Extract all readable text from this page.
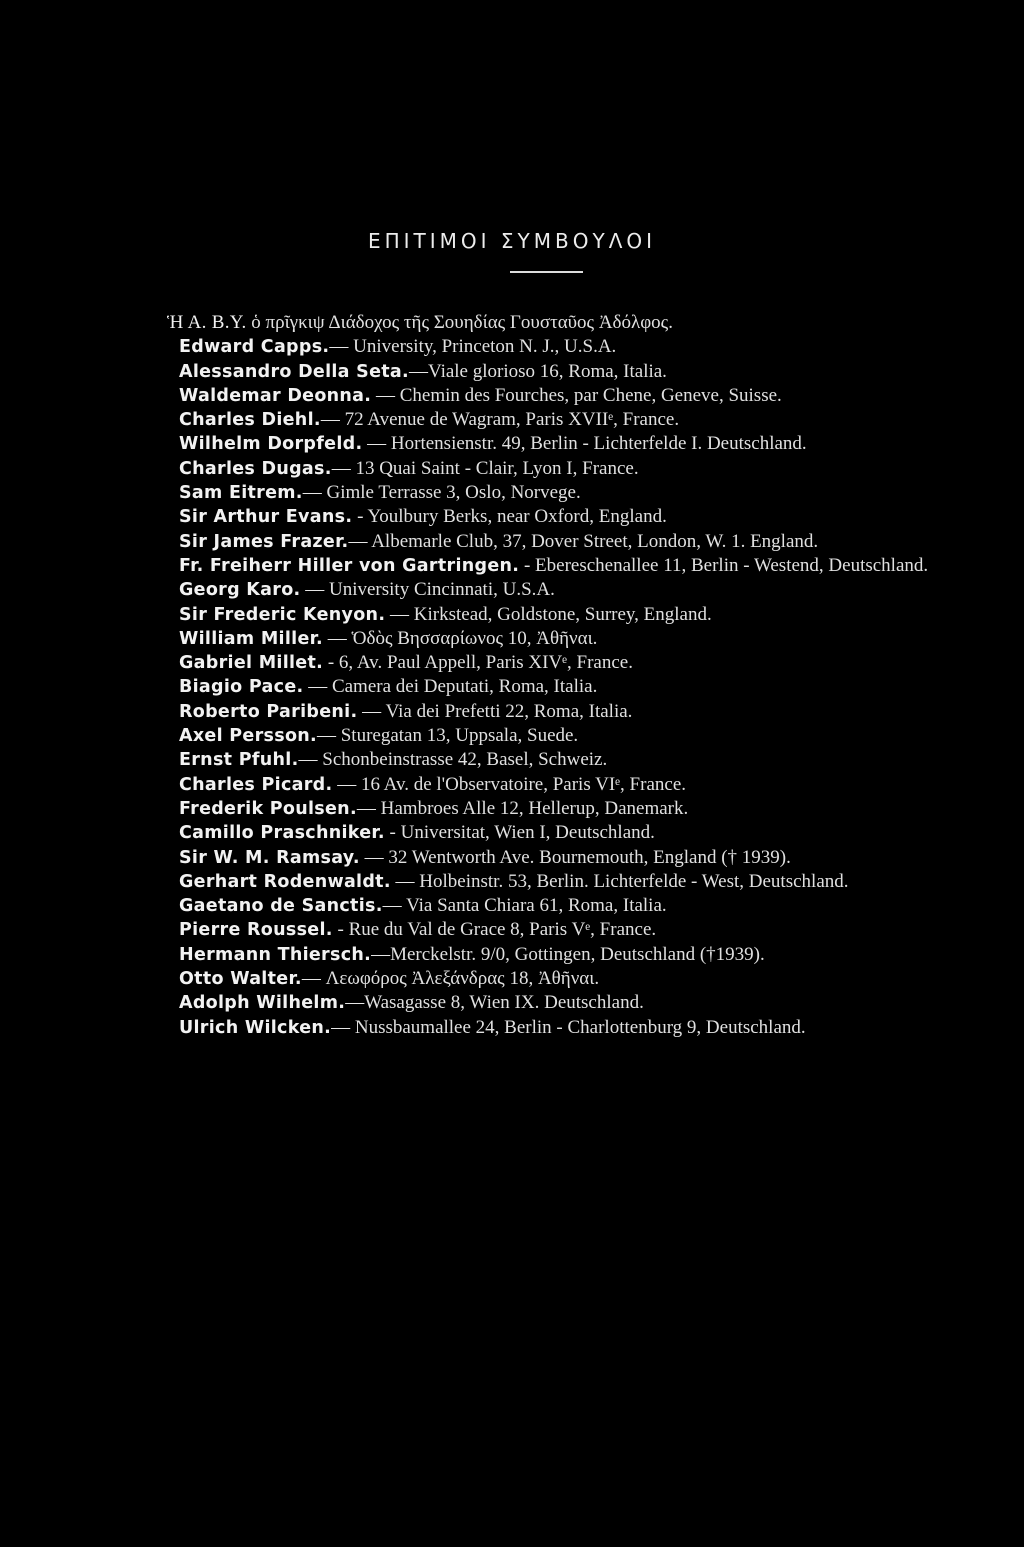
ΕΠΙΤΙΜΟΙ ΣΥΜΒΟΥΛΟΙ

Ἡ Α. Β.Υ. ὁ πρῖγκιψ Διάδοχος τῆς Σουηδίας Γουσταῦος Ἀδόλφος.

Edward Capps.— University, Princeton N. J., U.S.A.

Alessandro Della Seta.—Viale glorioso 16, Roma, Italia.

Waldemar Deonna. — Chemin des Fourches, par Chene, Geneve, Suisse.

Charles Diehl.— 72 Avenue de Wagram, Paris XVIIᵉ, France.

Wilhelm Dorpfeld. — Hortensienstr. 49, Berlin - Lichterfelde I. Deutschland.

Charles Dugas.— 13 Quai Saint - Clair, Lyon I, France.

Sam Eitrem.— Gimle Terrasse 3, Oslo, Norvege.

Sir Arthur Evans. - Youlbury Berks, near Oxford, England.

Sir James Frazer.— Albemarle Club, 37, Dover Street, London, W. 1. England.

Fr. Freiherr Hiller von Gartringen. - Ebereschenallee 11, Berlin - Westend, Deutschland.

Georg Karo. — University Cincinnati, U.S.A.

Sir Frederic Kenyon. — Kirkstead, Goldstone, Surrey, England.

William Miller. — Ὁδὸς Βησσαρίωνος 10, Ἀθῆναι.

Gabriel Millet. - 6, Av. Paul Appell, Paris XIVᵉ, France.

Biagio Pace. — Camera dei Deputati, Roma, Italia.

Roberto Paribeni. — Via dei Prefetti 22, Roma, Italia.

Axel Persson.— Sturegatan 13, Uppsala, Suede.

Ernst Pfuhl.— Schonbeinstrasse 42, Basel, Schweiz.

Charles Picard. — 16 Av. de l'Observatoire, Paris VIᵉ, France.

Frederik Poulsen.— Hambroes Alle 12, Hellerup, Danemark.

Camillo Praschniker. - Universitat, Wien I, Deutschland.

Sir W. M. Ramsay. — 32 Wentworth Ave. Bournemouth, England († 1939).

Gerhart Rodenwaldt. — Holbeinstr. 53, Berlin. Lichterfelde - West, Deutschland.

Gaetano de Sanctis.— Via Santa Chiara 61, Roma, Italia.

Pierre Roussel. - Rue du Val de Grace 8, Paris Vᵉ, France.

Hermann Thiersch.—Merckelstr. 9/0, Gottingen, Deutschland (†1939).

Otto Walter.— Λεωφόρος Ἀλεξάνδρας 18, Ἀθῆναι.

Adolph Wilhelm.—Wasagasse 8, Wien IX. Deutschland.

Ulrich Wilcken.— Nussbaumallee 24, Berlin - Charlottenburg 9, Deutschland.
